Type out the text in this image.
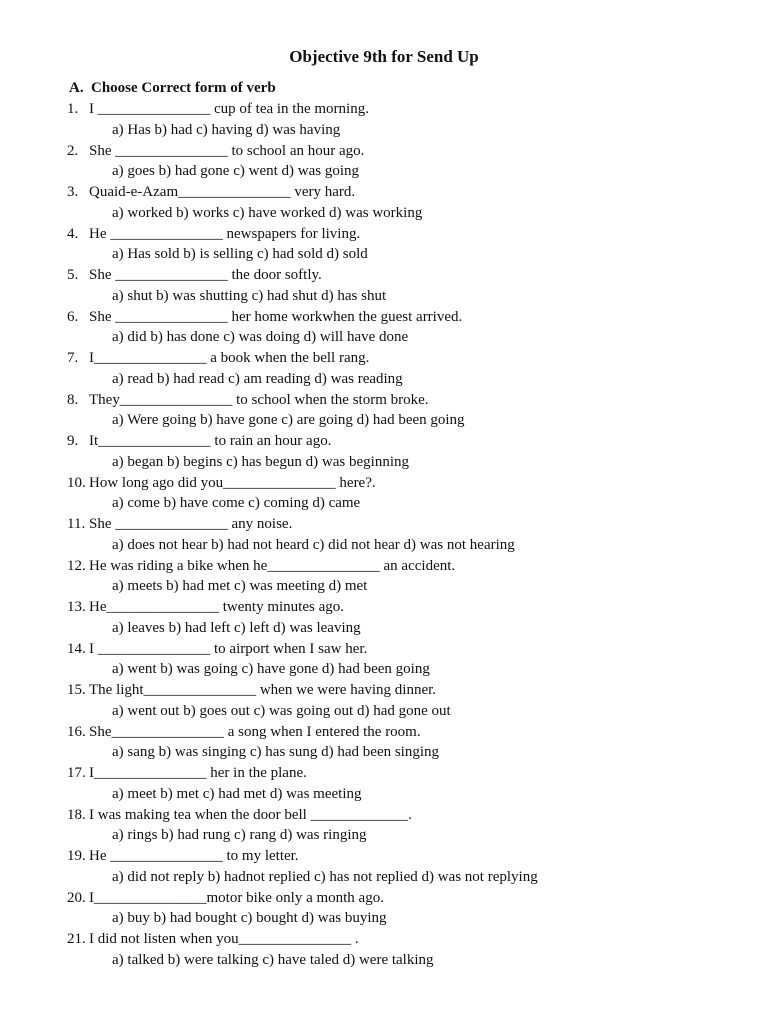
Objective 9th for Send Up
A. Choose Correct form of verb
1. I _______________ cup of tea in the morning.
a) Has b) had c) having d) was having
2. She _______________ to school an hour ago.
a) goes b) had gone c) went d) was going
3. Quaid-e-Azam_______________ very hard.
a) worked b) works c) have worked d) was working
4. He _______________ newspapers for living.
a) Has sold b) is selling c) had sold d) sold
5. She _______________ the door softly.
a) shut b) was shutting c) had shut d) has shut
6. She _______________ her home workwhen the guest arrived.
a) did b) has done c) was doing d) will have done
7. I_______________ a book when the bell rang.
a) read b) had read c) am reading d) was reading
8. They_______________ to school when the storm broke.
a) Were going b) have gone c) are going d) had been going
9. It_______________ to rain an hour ago.
a) began b) begins c) has begun d) was beginning
10. How long ago did you_______________ here?.
a) come b) have come c) coming d) came
11. She _______________ any noise.
a) does not hear b) had not heard c) did not hear d) was not hearing
12. He was riding a bike when he_______________ an accident.
a) meets b) had met c) was meeting d) met
13. He_______________ twenty minutes ago.
a) leaves b) had left c) left d) was leaving
14. I _______________ to airport when I saw her.
a) went b) was going c) have gone d) had been going
15. The light_______________ when we were having dinner.
a) went out b) goes out c) was going out d) had gone out
16. She_______________ a song when I entered the room.
a) sang b) was singing c) has sung d) had been singing
17. I_______________ her in the plane.
a) meet b) met c) had met d) was meeting
18. I was making tea when the door bell _____________.
a) rings b) had rung c) rang d) was ringing
19. He _______________ to my letter.
a) did not reply b) hadnot replied c) has not replied d) was not replying
20. I_______________motor bike only a month ago.
a) buy b) had bought c) bought d) was buying
21. I did not listen when you_______________ .
a) talked b) were talking c) have taled d) were talking
